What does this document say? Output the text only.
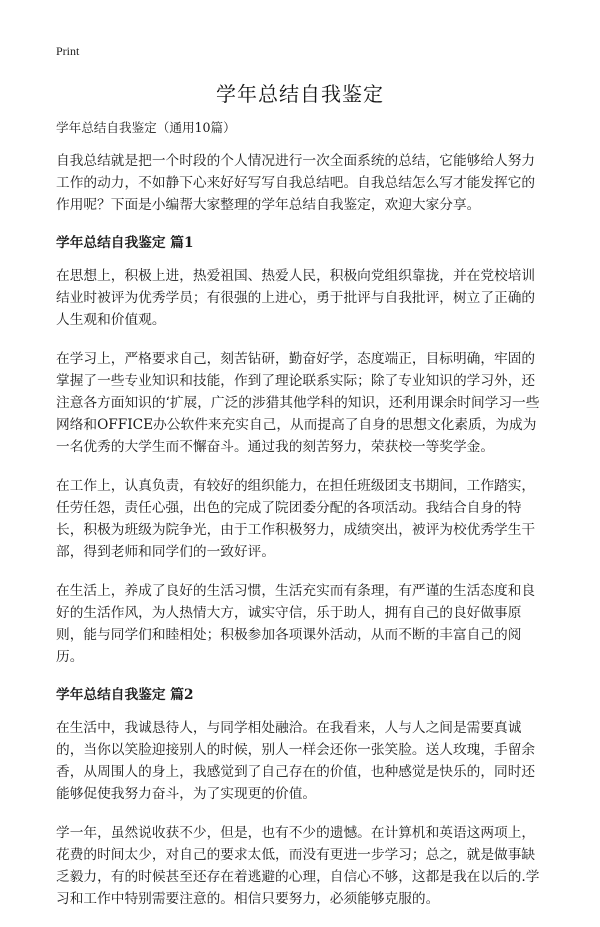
Print
学年总结自我鉴定
学年总结自我鉴定（通用10篇）

自我总结就是把一个时段的个人情况进行一次全面系统的总结，它能够给人努力工作的动力，不如静下心来好好写写自我总结吧。自我总结怎么写才能发挥它的作用呢？下面是小编帮大家整理的学年总结自我鉴定，欢迎大家分享。

学年总结自我鉴定 篇1

在思想上，积极上进，热爱祖国、热爱人民，积极向党组织靠拢，并在党校培训结业时被评为优秀学员；有很强的上进心，勇于批评与自我批评，树立了正确的人生观和价值观。

在学习上，严格要求自己，刻苦钻研，勤奋好学，态度端正，目标明确，牢固的掌握了一些专业知识和技能，作到了理论联系实际；除了专业知识的学习外，还注意各方面知识的‘扩展，广泛的涉猎其他学科的知识，还利用课余时间学习一些网络和OFFICE办公软件来充实自己，从而提高了自身的思想文化素质，为成为一名优秀的大学生而不懈奋斗。通过我的刻苦努力，荣获校一等奖学金。

在工作上，认真负责，有较好的组织能力，在担任班级团支书期间，工作踏实，任劳任怨，责任心强，出色的完成了院团委分配的各项活动。我结合自身的特长，积极为班级为院争光，由于工作积极努力，成绩突出，被评为校优秀学生干部，得到老师和同学们的一致好评。

在生活上，养成了良好的生活习惯，生活充实而有条理，有严谨的生活态度和良好的生活作风，为人热情大方，诚实守信，乐于助人，拥有自己的良好做事原则，能与同学们和睦相处；积极参加各项课外活动，从而不断的丰富自己的阅历。

学年总结自我鉴定 篇2

在生活中，我诚恳待人，与同学相处融洽。在我看来，人与人之间是需要真诚的，当你以笑脸迎接别人的时候，别人一样会还你一张笑脸。送人玫瑰，手留余香，从周围人的身上，我感觉到了自己存在的价值，也种感觉是快乐的，同时还能够促使我努力奋斗，为了实现更的价值。

学一年，虽然说收获不少，但是，也有不少的遗憾。在计算机和英语这两项上，花费的时间太少，对自己的要求太低，而没有更进一步学习；总之，就是做事缺乏毅力，有的时候甚至还存在着逃避的心理，自信心不够，这都是我在以后的.学习和工作中特别需要注意的。相信只要努力，必须能够克服的。
